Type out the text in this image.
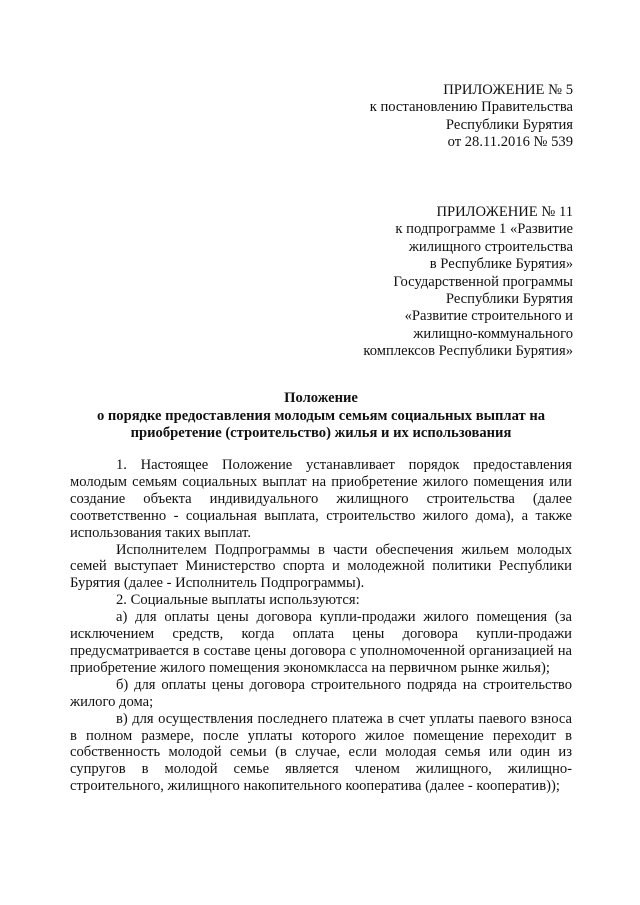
ПРИЛОЖЕНИЕ № 5
к постановлению Правительства
Республики Бурятия
от 28.11.2016 № 539
ПРИЛОЖЕНИЕ № 11
к подпрограмме 1 «Развитие
жилищного строительства
в Республике Бурятия»
Государственной программы
Республики Бурятия
«Развитие строительного и
жилищно-коммунального
комплексов Республики Бурятия»
Положение
о порядке предоставления молодым семьям социальных выплат на
приобретение (строительство) жилья и их использования

1. Настоящее Положение устанавливает порядок предоставления молодым семьям социальных выплат на приобретение жилого помещения или создание объекта индивидуального жилищного строительства (далее соответственно - социальная выплата, строительство жилого дома), а также использования таких выплат.

Исполнителем Подпрограммы в части обеспечения жильем молодых семей выступает Министерство спорта и молодежной политики Республики Бурятия (далее - Исполнитель Подпрограммы).

2. Социальные выплаты используются:

а) для оплаты цены договора купли-продажи жилого помещения (за исключением средств, когда оплата цены договора купли-продажи предусматривается в составе цены договора с уполномоченной организацией на приобретение жилого помещения экономкласса на первичном рынке жилья);

б) для оплаты цены договора строительного подряда на строительство жилого дома;

в) для осуществления последнего платежа в счет уплаты паевого взноса в полном размере, после уплаты которого жилое помещение переходит в собственность молодой семьи (в случае, если молодая семья или один из супругов в молодой семье является членом жилищного, жилищно-строительного, жилищного накопительного кооператива (далее - кооператив));
